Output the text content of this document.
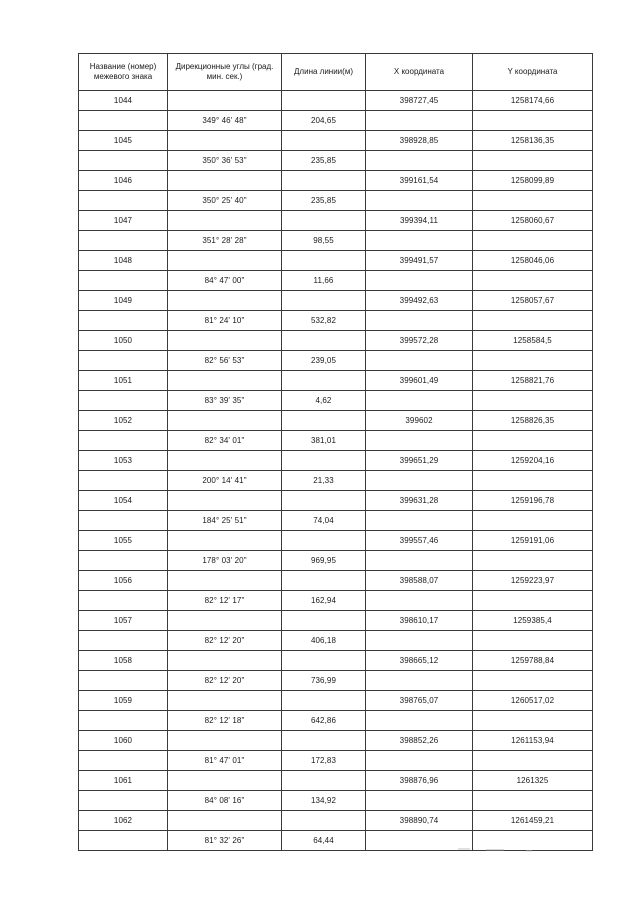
Название (номер) межевого знака	Дирекционные углы (град. мин. сек.)	Длина линии(м)	X координата	Y координата
1044			398727,45	1258174,66
	349° 46' 48"	204,65		
1045			398928,85	1258136,35
	350° 36' 53"	235,85		
1046			399161,54	1258099,89
	350° 25' 40"	235,85		
1047			399394,11	1258060,67
	351° 28' 28"	98,55		
1048			399491,57	1258046,06
	84° 47' 00"	11,66		
1049			399492,63	1258057,67
	81° 24' 10"	532,82		
1050			399572,28	1258584,5
	82° 56' 53"	239,05		
1051			399601,49	1258821,76
	83° 39' 35"	4,62		
1052			399602	1258826,35
	82° 34' 01"	381,01		
1053			399651,29	1259204,16
	200° 14' 41"	21,33		
1054			399631,28	1259196,78
	184° 25' 51"	74,04		
1055			399557,46	1259191,06
	178° 03' 20"	969,95		
1056			398588,07	1259223,97
	82° 12' 17"	162,94		
1057			398610,17	1259385,4
	82° 12' 20"	406,18		
1058			398665,12	1259788,84
	82° 12' 20"	736,99		
1059			398765,07	1260517,02
	82° 12' 18"	642,86		
1060			398852,26	1261153,94
	81° 47' 01"	172,83		
1061			398876,96	1261325
	84° 08' 16"	134,92		
1062			398890,74	1261459,21
	81° 32' 26"	64,44		
